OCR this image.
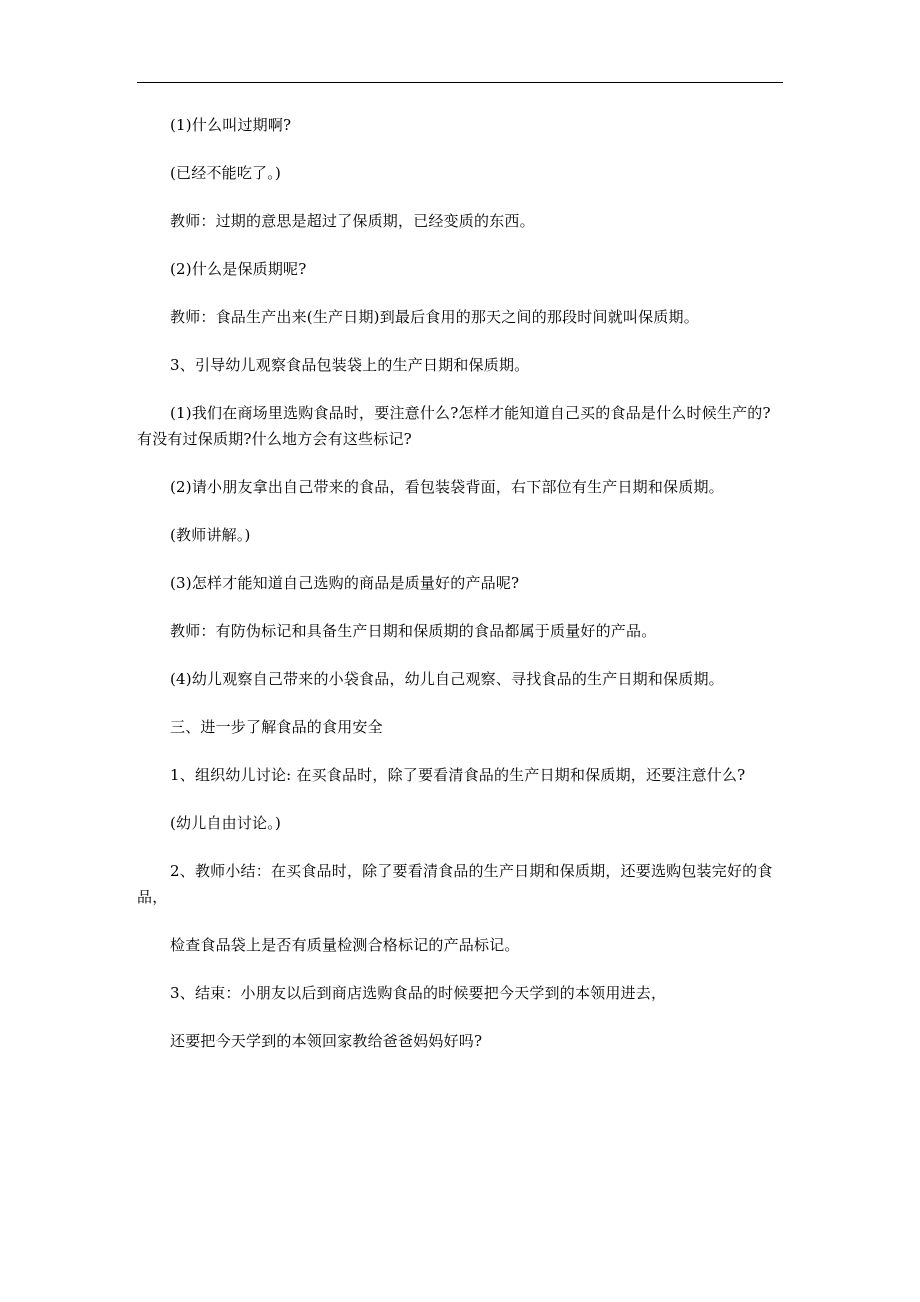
(1)什么叫过期啊?

(已经不能吃了。)

教师：过期的意思是超过了保质期，已经变质的东西。

(2)什么是保质期呢?

教师：食品生产出来(生产日期)到最后食用的那天之间的那段时间就叫保质期。

3、引导幼儿观察食品包装袋上的生产日期和保质期。

(1)我们在商场里选购食品时，要注意什么?怎样才能知道自己买的食品是什么时候生产的?有没有过保质期?什么地方会有这些标记?

(2)请小朋友拿出自己带来的食品，看包装袋背面，右下部位有生产日期和保质期。

(教师讲解。)

(3)怎样才能知道自己选购的商品是质量好的产品呢?

教师：有防伪标记和具备生产日期和保质期的食品都属于质量好的产品。

(4)幼儿观察自己带来的小袋食品，幼儿自己观察、寻找食品的生产日期和保质期。

三、进一步了解食品的食用安全

1、组织幼儿讨论: 在买食品时，除了要看清食品的生产日期和保质期，还要注意什么?

(幼儿自由讨论。)

2、教师小结：在买食品时，除了要看清食品的生产日期和保质期，还要选购包装完好的食品，

检查食品袋上是否有质量检测合格标记的产品标记。

3、结束：小朋友以后到商店选购食品的时候要把今天学到的本领用进去，

还要把今天学到的本领回家教给爸爸妈妈好吗?
